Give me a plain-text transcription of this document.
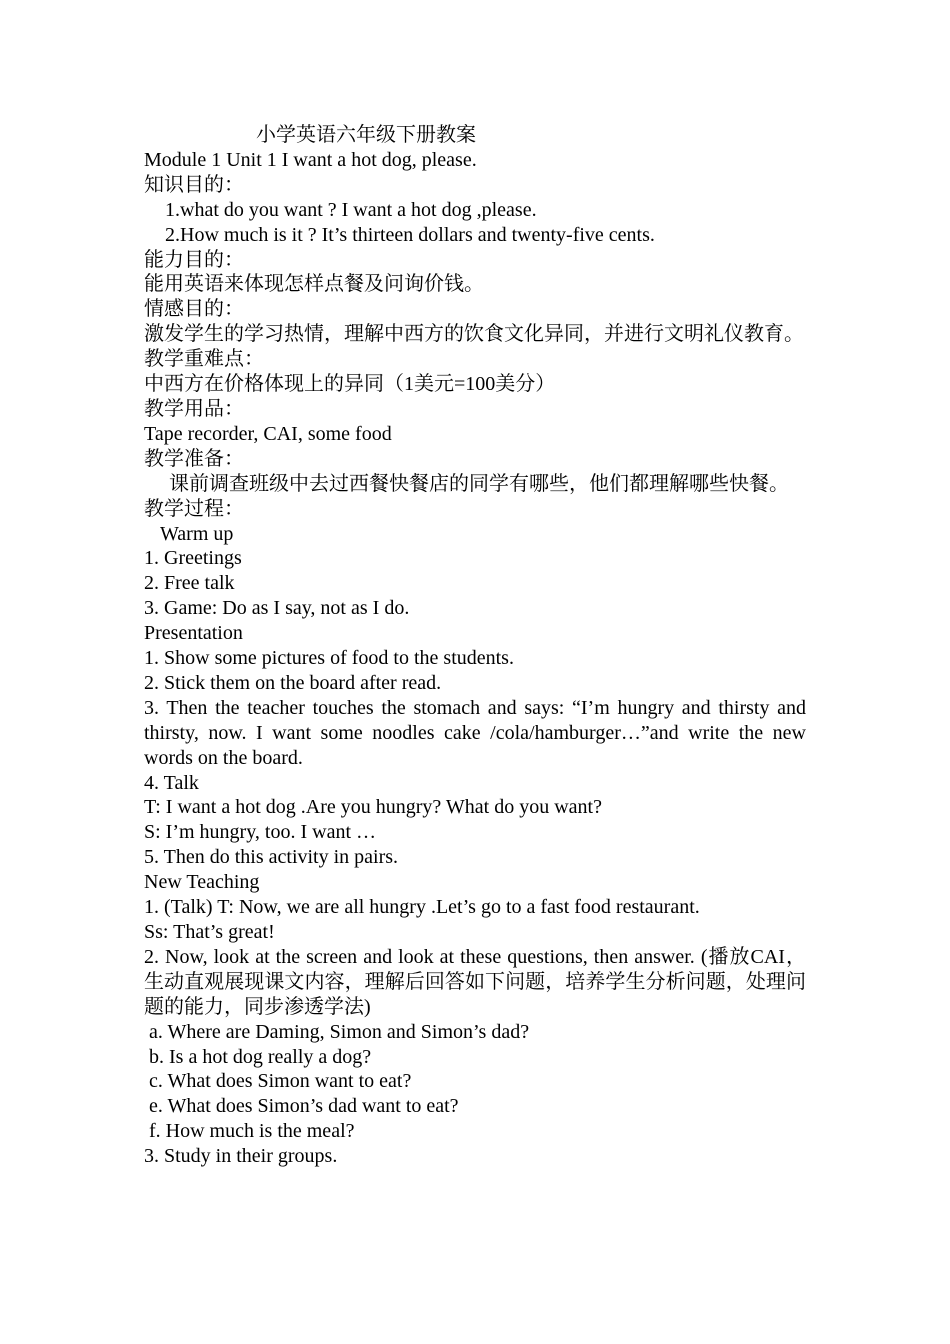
小学英语六年级下册教案

Module 1 Unit 1 I want a hot dog, please.

知识目的：

1.what do you want ? I want a hot dog ,please.

2.How much is it ? It’s thirteen dollars and twenty-five cents.

能力目的：

能用英语来体现怎样点餐及问询价钱。

情感目的：

激发学生的学习热情，理解中西方的饮食文化异同，并进行文明礼仪教育。

教学重难点：

中西方在价格体现上的异同（1美元=100美分）

教学用品：

Tape recorder, CAI, some food

教学准备：

课前调查班级中去过西餐快餐店的同学有哪些，他们都理解哪些快餐。

教学过程：

Warm up

1. Greetings

2. Free talk

3. Game: Do as I say, not as I do.

Presentation

1. Show some pictures of food to the students.

2. Stick them on the board after read.

3. Then the teacher touches the stomach and says: “I’m hungry and thirsty and thirsty, now. I want some noodles cake /cola/hamburger…”and write the new words on the board.

4. Talk

T: I want a hot dog .Are you hungry? What do you want?

S: I’m hungry, too. I want …

5. Then do this activity in pairs.

New Teaching

1. (Talk) T: Now, we are all hungry .Let’s go to a fast food restaurant.

Ss: That’s great!

2. Now, look at the screen and look at these questions, then answer. (播放CAI，生动直观展现课文内容，理解后回答如下问题，培养学生分析问题，处理问题的能力，同步渗透学法)

a. Where are Daming, Simon and Simon’s dad?

b. Is a hot dog really a dog?

c. What does Simon want to eat?

e. What does Simon’s dad want to eat?

f. How much is the meal?

3. Study in their groups.
